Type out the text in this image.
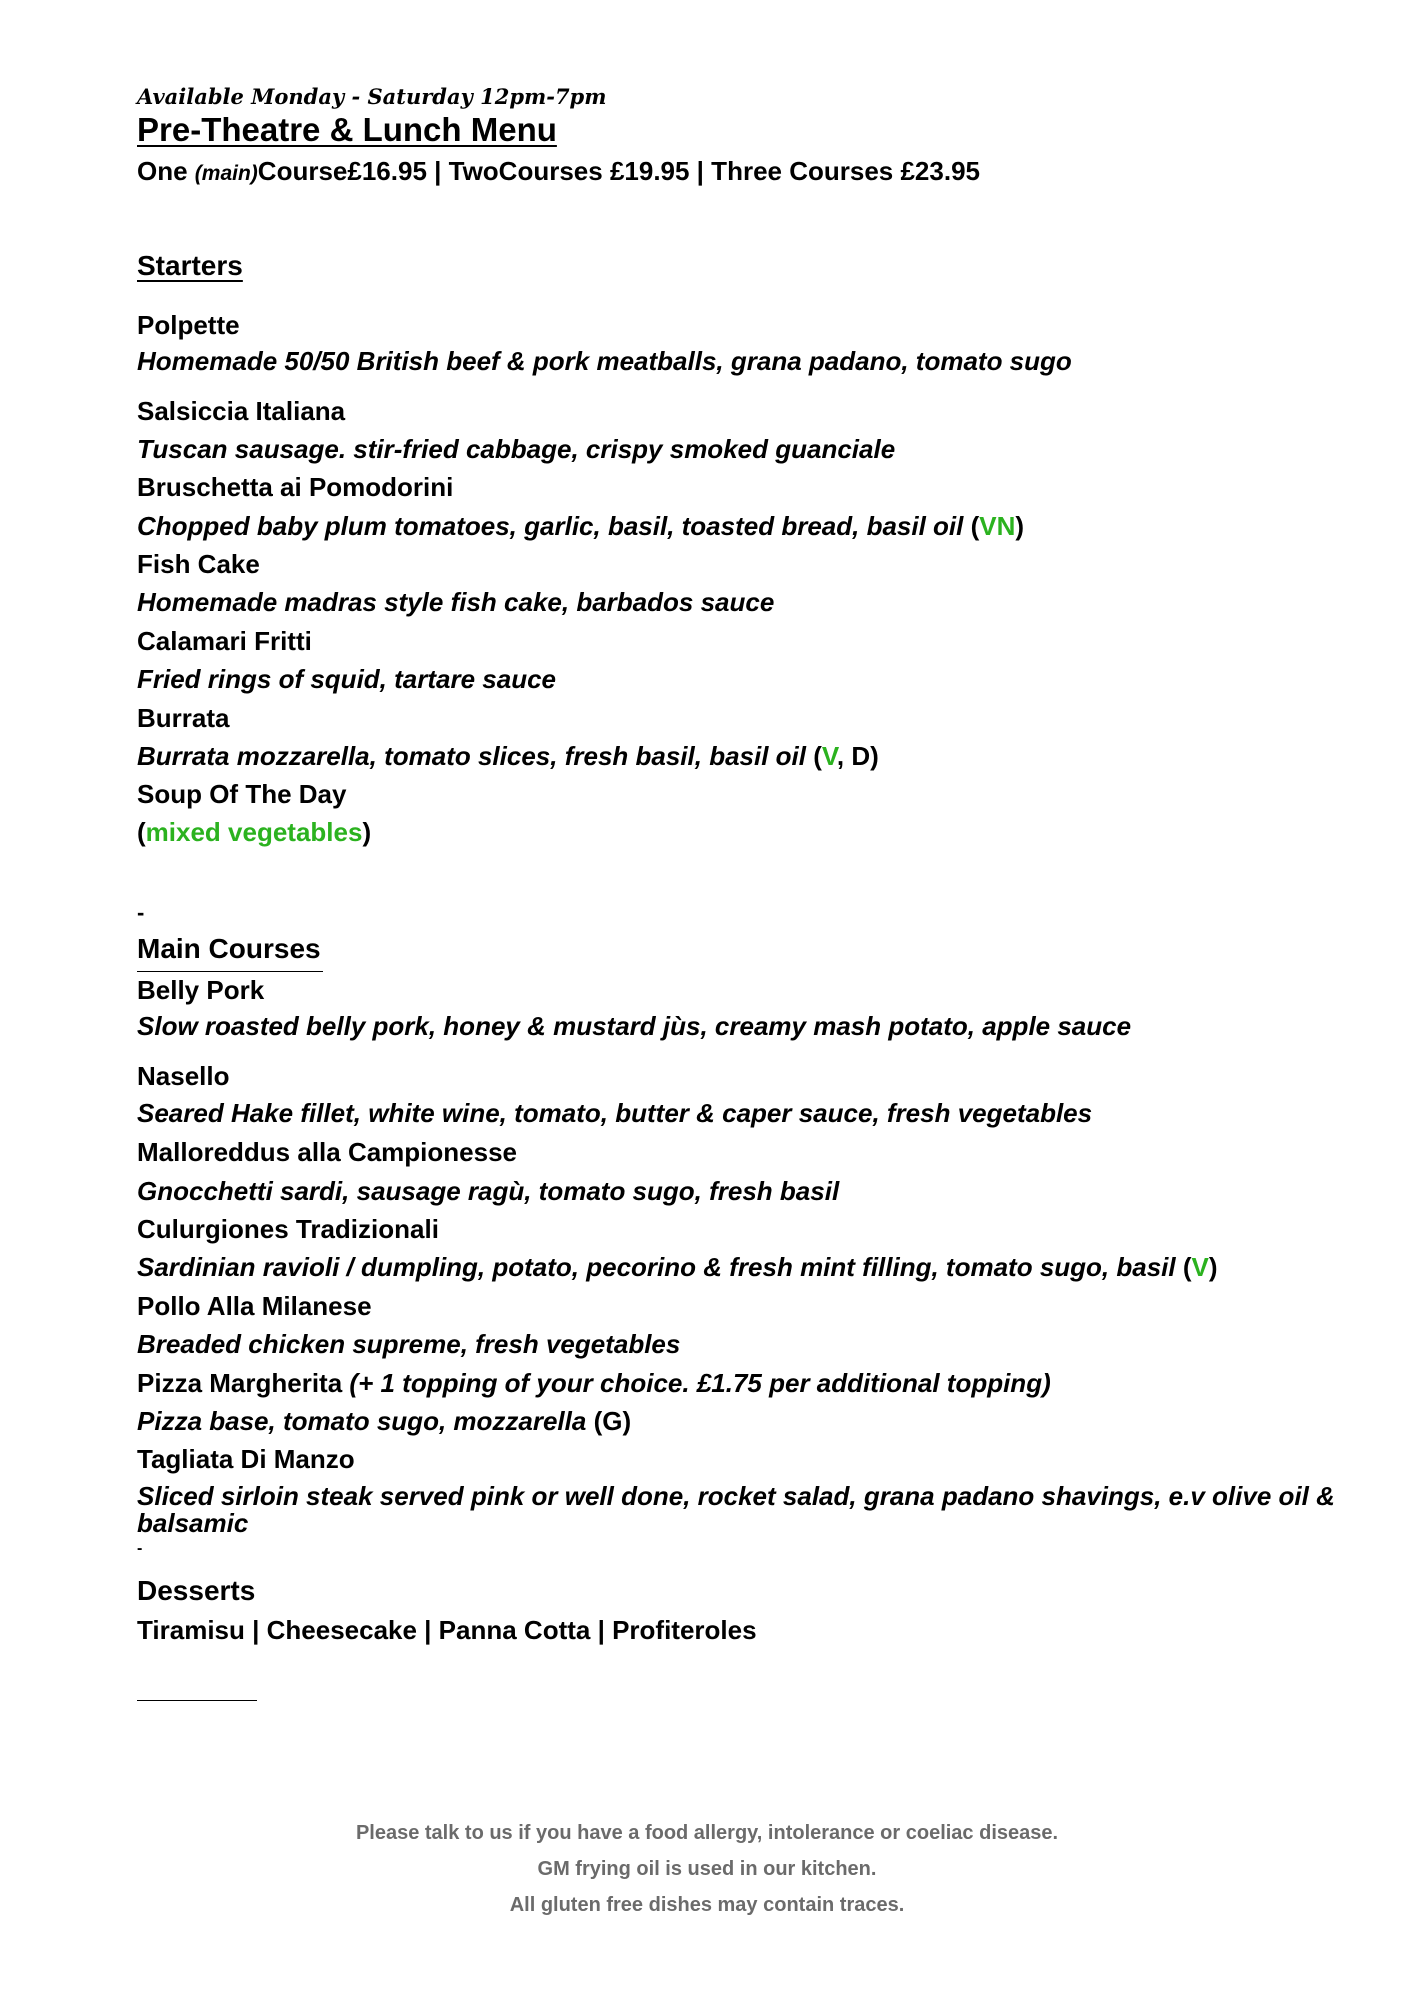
Available Monday - Saturday 12pm-7pm
Pre-Theatre & Lunch Menu
One (main)Course£16.95 | TwoCourses £19.95 | Three Courses £23.95
Starters
Polpette
Homemade 50/50 British beef & pork meatballs, grana padano, tomato sugo
Salsiccia Italiana
Tuscan sausage. stir-fried cabbage, crispy smoked guanciale
Bruschetta ai Pomodorini
Chopped baby plum tomatoes, garlic, basil, toasted bread, basil oil (VN)
Fish Cake
Homemade madras style fish cake, barbados sauce
Calamari Fritti
Fried rings of squid, tartare sauce
Burrata
Burrata mozzarella, tomato slices, fresh basil, basil oil (V, D)
Soup Of The Day
(mixed vegetables)
-
Main Courses
Belly Pork
Slow roasted belly pork, honey & mustard jùs, creamy mash potato, apple sauce
Nasello
Seared Hake fillet, white wine, tomato, butter & caper sauce, fresh vegetables
Malloreddus alla Campionesse
Gnocchetti sardi, sausage ragù, tomato sugo, fresh basil
Culurgiones Tradizionali
Sardinian ravioli / dumpling, potato, pecorino & fresh mint filling, tomato sugo, basil (V)
Pollo Alla Milanese
Breaded chicken supreme, fresh vegetables
Pizza Margherita (+ 1 topping of your choice. £1.75 per additional topping)
Pizza base, tomato sugo, mozzarella (G)
Tagliata Di Manzo
Sliced sirloin steak served pink or well done, rocket salad, grana padano shavings, e.v olive oil & balsamic
-
Desserts
Tiramisu | Cheesecake | Panna Cotta | Profiteroles
Please talk to us if you have a food allergy, intolerance or coeliac disease.
GM frying oil is used in our kitchen.
All gluten free dishes may contain traces.
